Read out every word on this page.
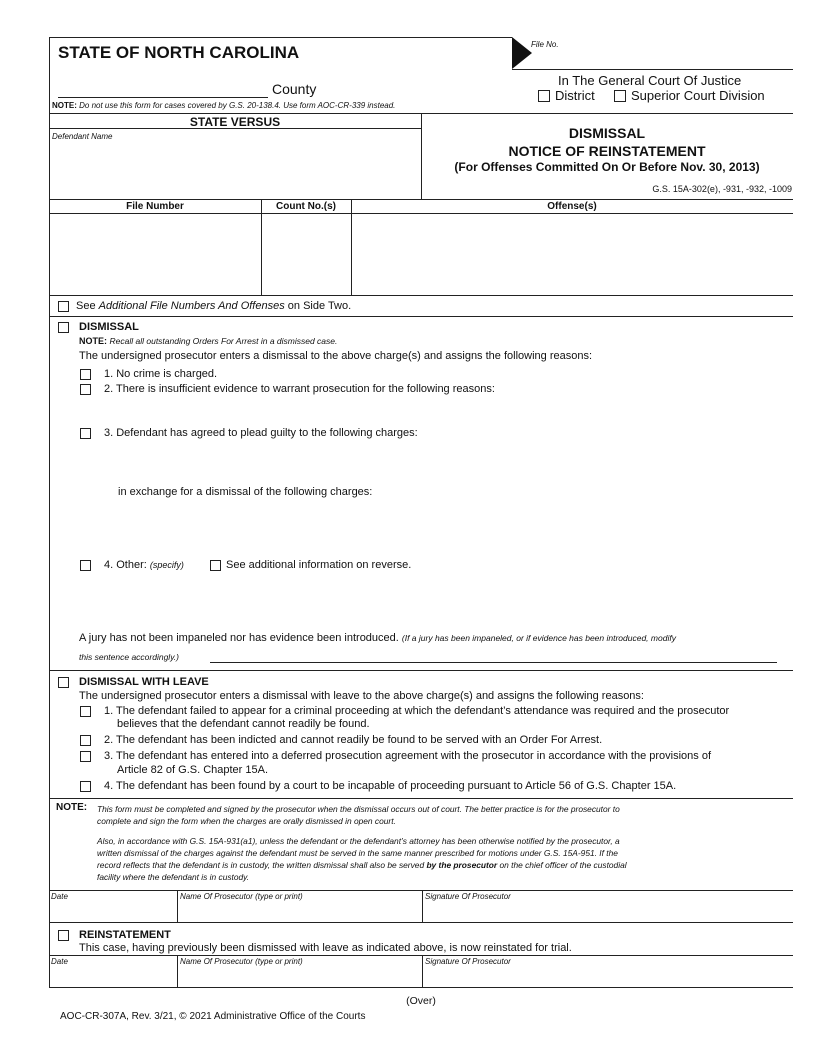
STATE OF NORTH CAROLINA
County
NOTE: Do not use this form for cases covered by G.S. 20-138.4. Use form AOC-CR-339 instead.
File No.
In The General Court Of Justice
District	Superior Court Division
STATE VERSUS
Defendant Name	DISMISSAL
NOTICE OF REINSTATEMENT
(For Offenses Committed On Or Before Nov. 30, 2013)
G.S. 15A-302(e), -931, -932, -1009
File Number	Count No.(s)	Offense(s)
See Additional File Numbers And Offenses on Side Two.
DISMISSAL
NOTE: Recall all outstanding Orders For Arrest in a dismissed case.
The undersigned prosecutor enters a dismissal to the above charge(s) and assigns the following reasons:
1. No crime is charged.
2. There is insufficient evidence to warrant prosecution for the following reasons:
3. Defendant has agreed to plead guilty to the following charges:
in exchange for a dismissal of the following charges:
4. Other: (specify)	See additional information on reverse.
A jury has not been impaneled nor has evidence been introduced. (If a jury has been impaneled, or if evidence has been introduced, modify
this sentence accordingly.)
DISMISSAL WITH LEAVE
The undersigned prosecutor enters a dismissal with leave to the above charge(s) and assigns the following reasons:
1. The defendant failed to appear for a criminal proceeding at which the defendant’s attendance was required and the prosecutor
believes that the defendant cannot readily be found.
2. The defendant has been indicted and cannot readily be found to be served with an Order For Arrest.
3. The defendant has entered into a deferred prosecution agreement with the prosecutor in accordance with the provisions of
Article 82 of G.S. Chapter 15A.
4. The defendant has been found by a court to be incapable of proceeding pursuant to Article 56 of G.S. Chapter 15A.
NOTE: This form must be completed and signed by the prosecutor when the dismissal occurs out of court. The better practice is for the prosecutor to
complete and sign the form when the charges are orally dismissed in open court.
Also, in accordance with G.S. 15A-931(a1), unless the defendant or the defendant’s attorney has been otherwise notified by the prosecutor, a
written dismissal of the charges against the defendant must be served in the same manner prescribed for motions under G.S. 15A-951. If the
record reflects that the defendant is in custody, the written dismissal shall also be served by the prosecutor on the chief officer of the custodial
facility where the defendant is in custody.
Date	Name Of Prosecutor (type or print)	Signature Of Prosecutor
REINSTATEMENT
This case, having previously been dismissed with leave as indicated above, is now reinstated for trial.
Date	Name Of Prosecutor (type or print)	Signature Of Prosecutor
(Over)
AOC-CR-307A, Rev. 3/21, © 2021 Administrative Office of the Courts
